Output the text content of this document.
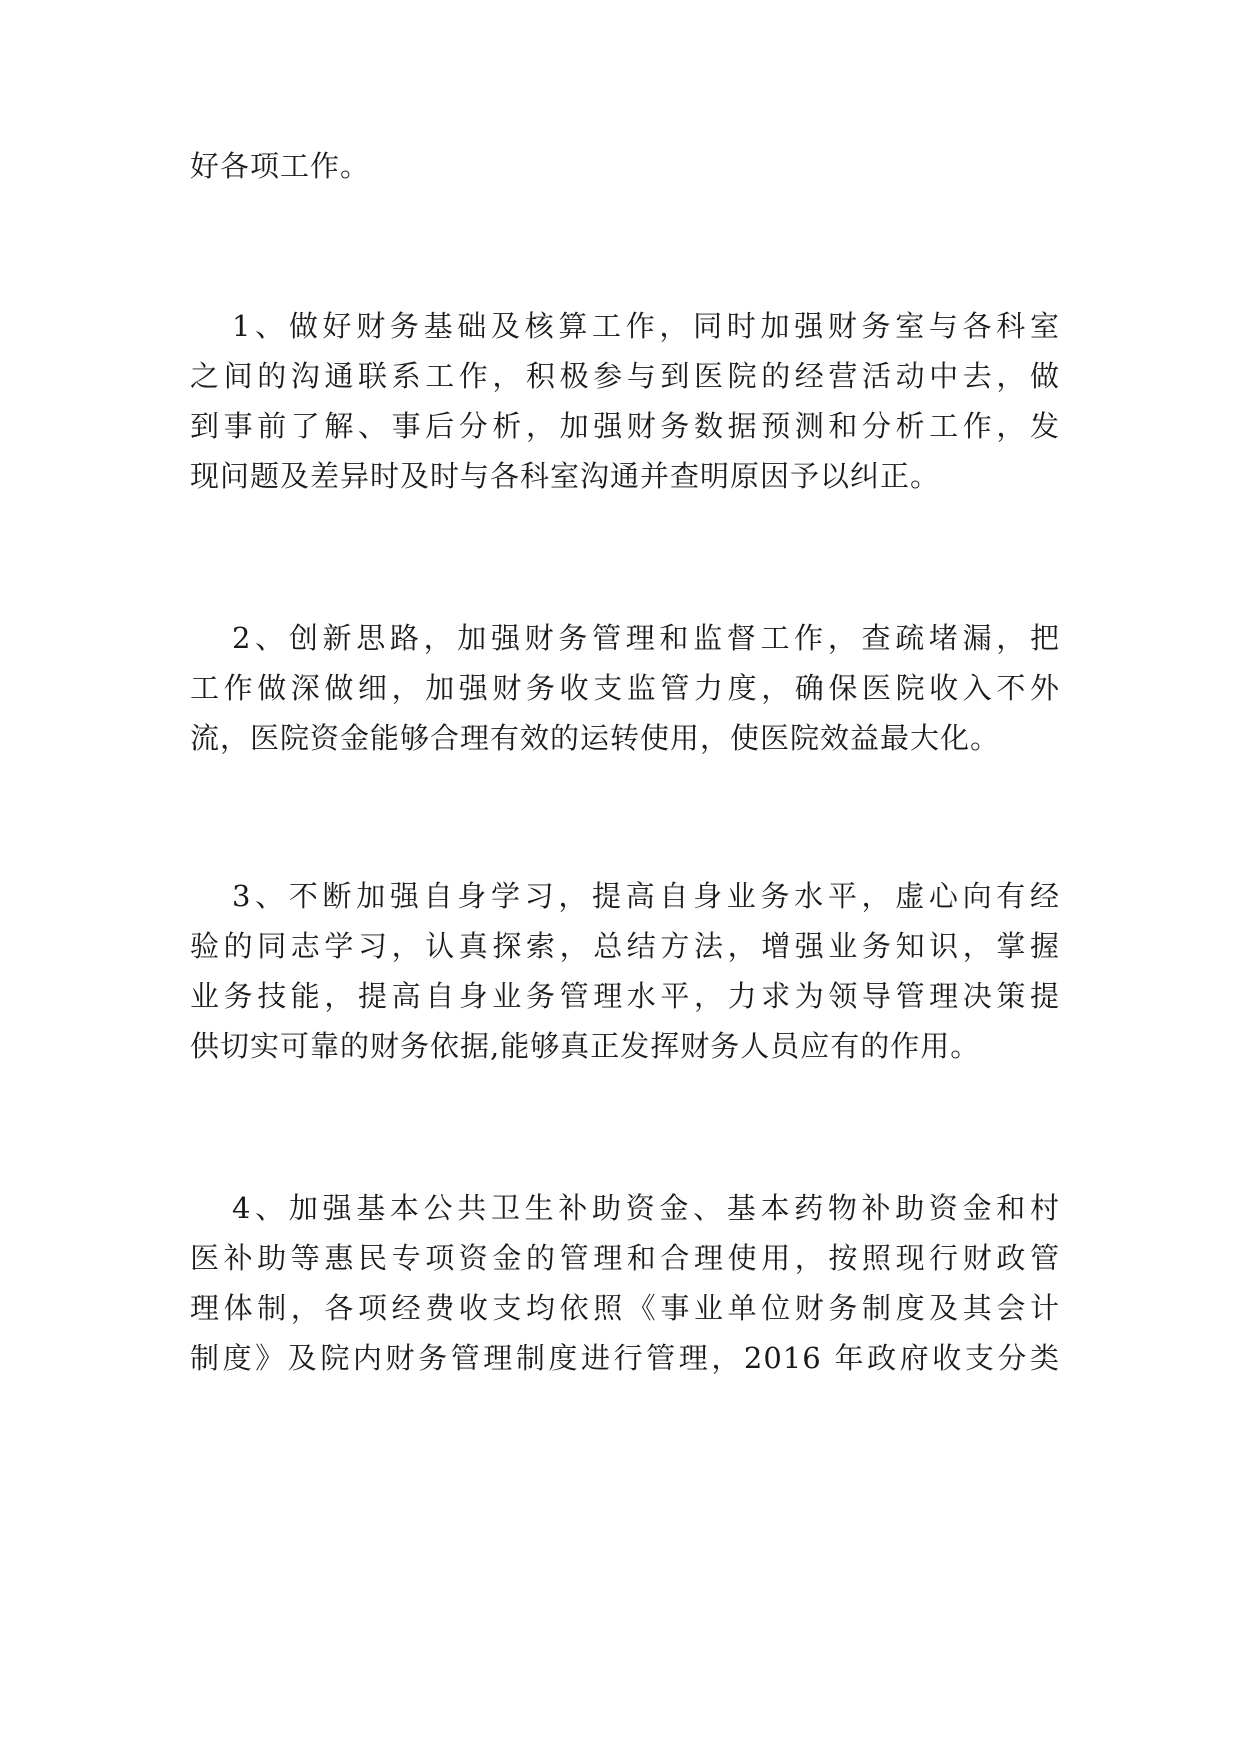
好各项工作。
1、做好财务基础及核算工作，同时加强财务室与各科室
之间的沟通联系工作，积极参与到医院的经营活动中去，做
到事前了解、事后分析，加强财务数据预测和分析工作，发
现问题及差异时及时与各科室沟通并查明原因予以纠正。
2、创新思路，加强财务管理和监督工作，查疏堵漏，把
工作做深做细，加强财务收支监管力度，确保医院收入不外
流，医院资金能够合理有效的运转使用，使医院效益最大化。
3、不断加强自身学习，提高自身业务水平，虚心向有经
验的同志学习，认真探索，总结方法，增强业务知识，掌握
业务技能，提高自身业务管理水平，力求为领导管理决策提
供切实可靠的财务依据,能够真正发挥财务人员应有的作用。
4、加强基本公共卫生补助资金、基本药物补助资金和村
医补助等惠民专项资金的管理和合理使用，按照现行财政管
理体制，各项经费收支均依照《事业单位财务制度及其会计
制度》及院内财务管理制度进行管理，2016 年政府收支分类
